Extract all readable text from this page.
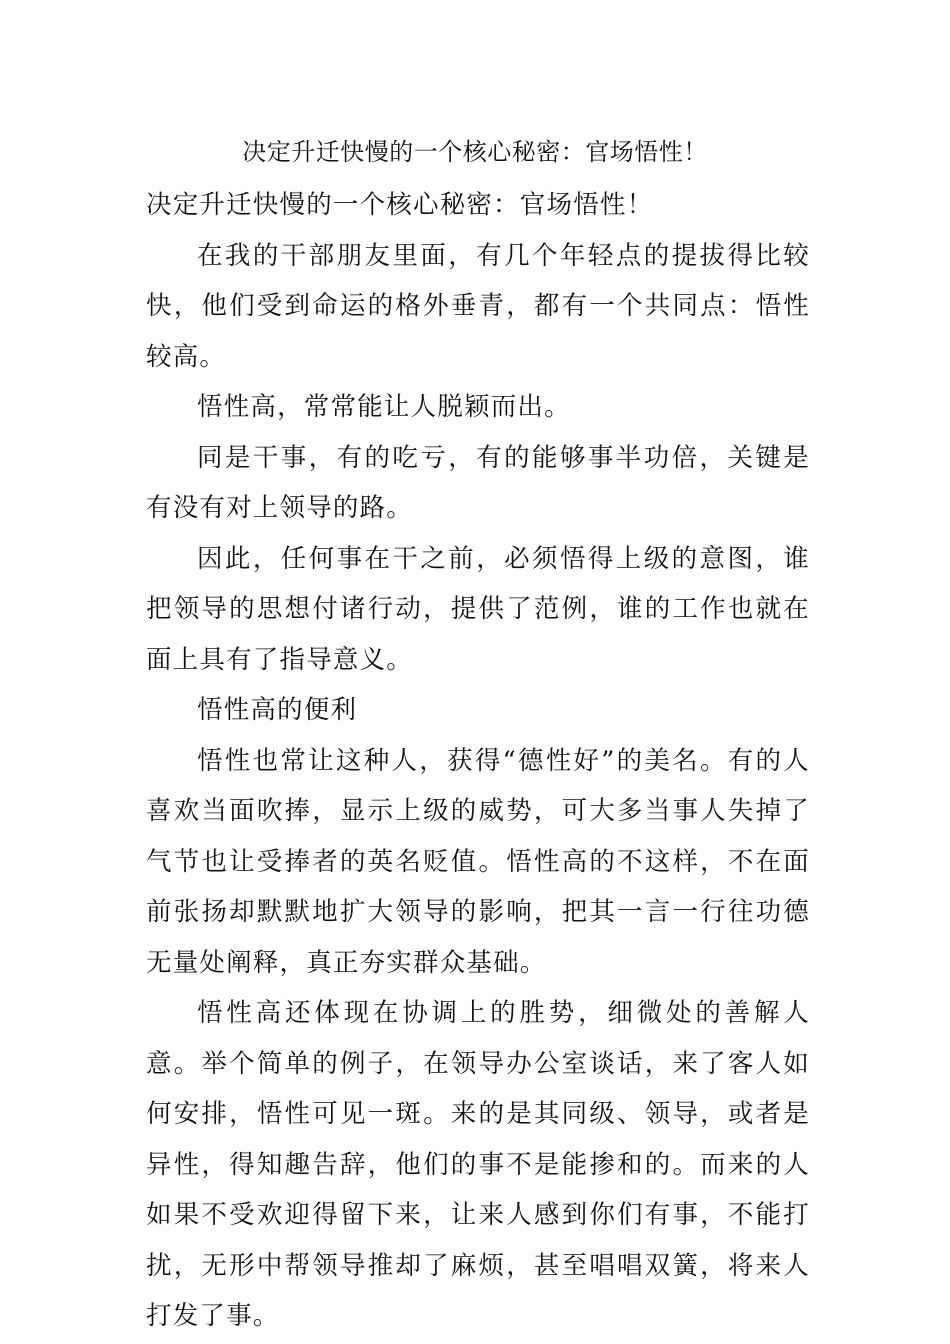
决定升迁快慢的一个核心秘密：官场悟性！

决定升迁快慢的一个核心秘密：官场悟性！

在我的干部朋友里面，有几个年轻点的提拔得比较快，他们受到命运的格外垂青，都有一个共同点：悟性较高。

悟性高，常常能让人脱颖而出。

同是干事，有的吃亏，有的能够事半功倍，关键是有没有对上领导的路。

因此，任何事在干之前，必须悟得上级的意图，谁把领导的思想付诸行动，提供了范例，谁的工作也就在面上具有了指导意义。

悟性高的便利

悟性也常让这种人，获得“德性好”的美名。有的人喜欢当面吹捧，显示上级的威势，可大多当事人失掉了气节也让受捧者的英名贬值。悟性高的不这样，不在面前张扬却默默地扩大领导的影响，把其一言一行往功德无量处阐释，真正夯实群众基础。

悟性高还体现在协调上的胜势，细微处的善解人意。举个简单的例子，在领导办公室谈话，来了客人如何安排，悟性可见一斑。来的是其同级、领导，或者是异性，得知趣告辞，他们的事不是能掺和的。而来的人如果不受欢迎得留下来，让来人感到你们有事，不能打扰，无形中帮领导推却了麻烦，甚至唱唱双簧，将来人打发了事。
